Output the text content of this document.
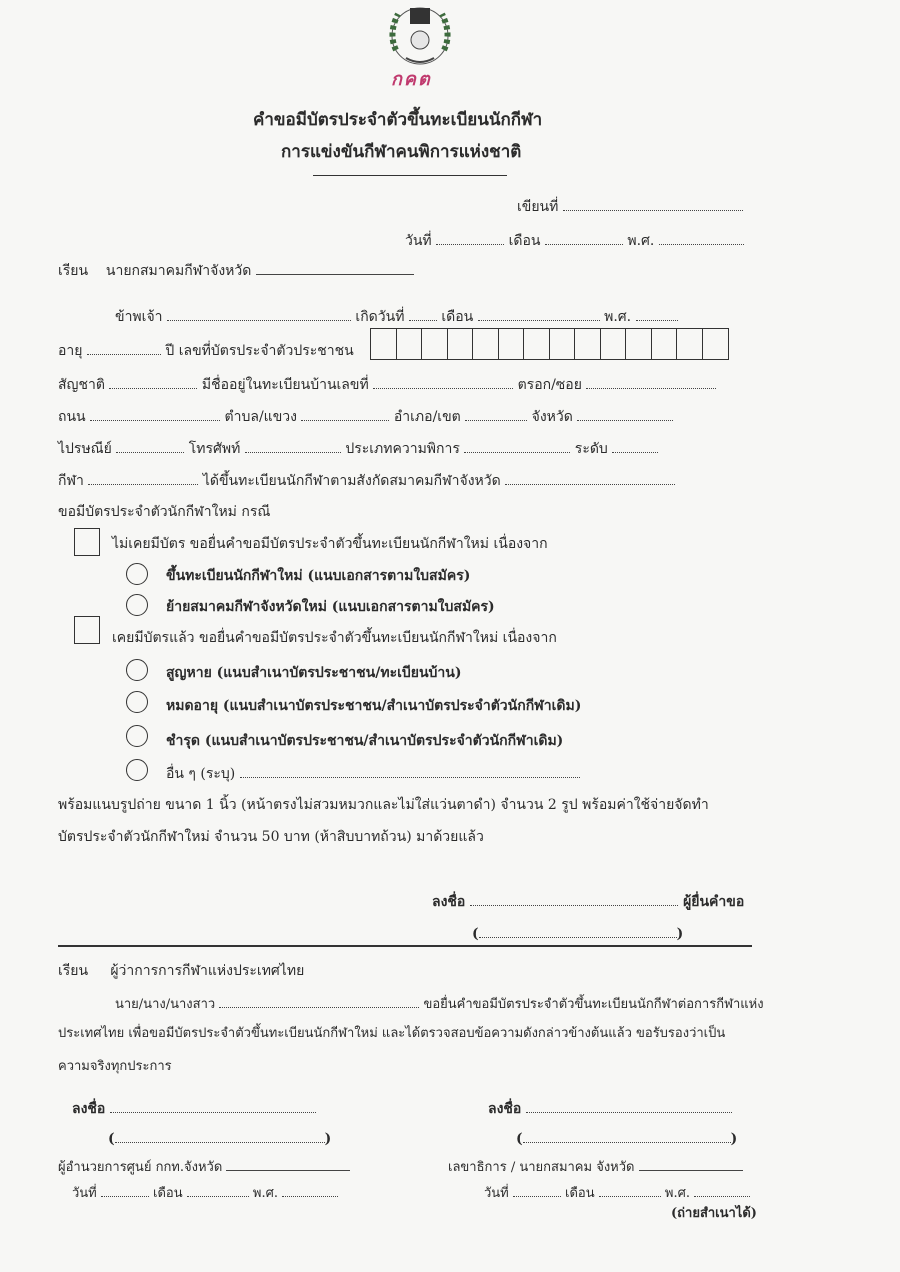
กคต
คำขอมีบัตรประจำตัวขึ้นทะเบียนนักกีฬา
การแข่งขันกีฬาคนพิการแห่งชาติ
เขียนที่
วันที่	เดือน	พ.ศ.
เรียน นายกสมาคมกีฬาจังหวัด
ข้าพเจ้า	เกิดวันที่	เดือน	พ.ศ.
อายุ	ปี เลขที่บัตรประจำตัวประชาชน
สัญชาติ	มีชื่ออยู่ในทะเบียนบ้านเลขที่	ตรอก/ซอย
ถนน	ตำบล/แขวง	อำเภอ/เขต	จังหวัด
ไปรษณีย์	โทรศัพท์	ประเภทความพิการ	ระดับ
กีฬา	ได้ขึ้นทะเบียนนักกีฬาตามสังกัดสมาคมกีฬาจังหวัด
ขอมีบัตรประจำตัวนักกีฬาใหม่ กรณี
ไม่เคยมีบัตร ขอยื่นคำขอมีบัตรประจำตัวขึ้นทะเบียนนักกีฬาใหม่ เนื่องจาก
ขึ้นทะเบียนนักกีฬาใหม่ (แนบเอกสารตามใบสมัคร)
ย้ายสมาคมกีฬาจังหวัดใหม่ (แนบเอกสารตามใบสมัคร)
เคยมีบัตรแล้ว ขอยื่นคำขอมีบัตรประจำตัวขึ้นทะเบียนนักกีฬาใหม่ เนื่องจาก
สูญหาย (แนบสำเนาบัตรประชาชน/ทะเบียนบ้าน)
หมดอายุ (แนบสำเนาบัตรประชาชน/สำเนาบัตรประจำตัวนักกีฬาเดิม)
ชำรุด (แนบสำเนาบัตรประชาชน/สำเนาบัตรประจำตัวนักกีฬาเดิม)
อื่น ๆ (ระบุ)
พร้อมแนบรูปถ่าย ขนาด 1 นิ้ว (หน้าตรงไม่สวมหมวกและไม่ใส่แว่นตาดำ) จำนวน 2 รูป พร้อมค่าใช้จ่ายจัดทำ
บัตรประจำตัวนักกีฬาใหม่ จำนวน 50 บาท (ห้าสิบบาทถ้วน) มาด้วยแล้ว
ลงชื่อ	ผู้ยื่นคำขอ
(	)
เรียน ผู้ว่าการการกีฬาแห่งประเทศไทย
นาย/นาง/นางสาว	ขอยื่นคำขอมีบัตรประจำตัวขึ้นทะเบียนนักกีฬาต่อการกีฬาแห่ง
ประเทศไทย เพื่อขอมีบัตรประจำตัวขึ้นทะเบียนนักกีฬาใหม่ และได้ตรวจสอบข้อความดังกล่าวข้างต้นแล้ว ขอรับรองว่าเป็น
ความจริงทุกประการ
ลงชื่อ
(	)
ผู้อำนวยการศูนย์ กกท.จังหวัด
วันที่	เดือน	พ.ศ.
ลงชื่อ
(	)
เลขาธิการ / นายกสมาคม จังหวัด
วันที่	เดือน	พ.ศ.
(ถ่ายสำเนาได้)
